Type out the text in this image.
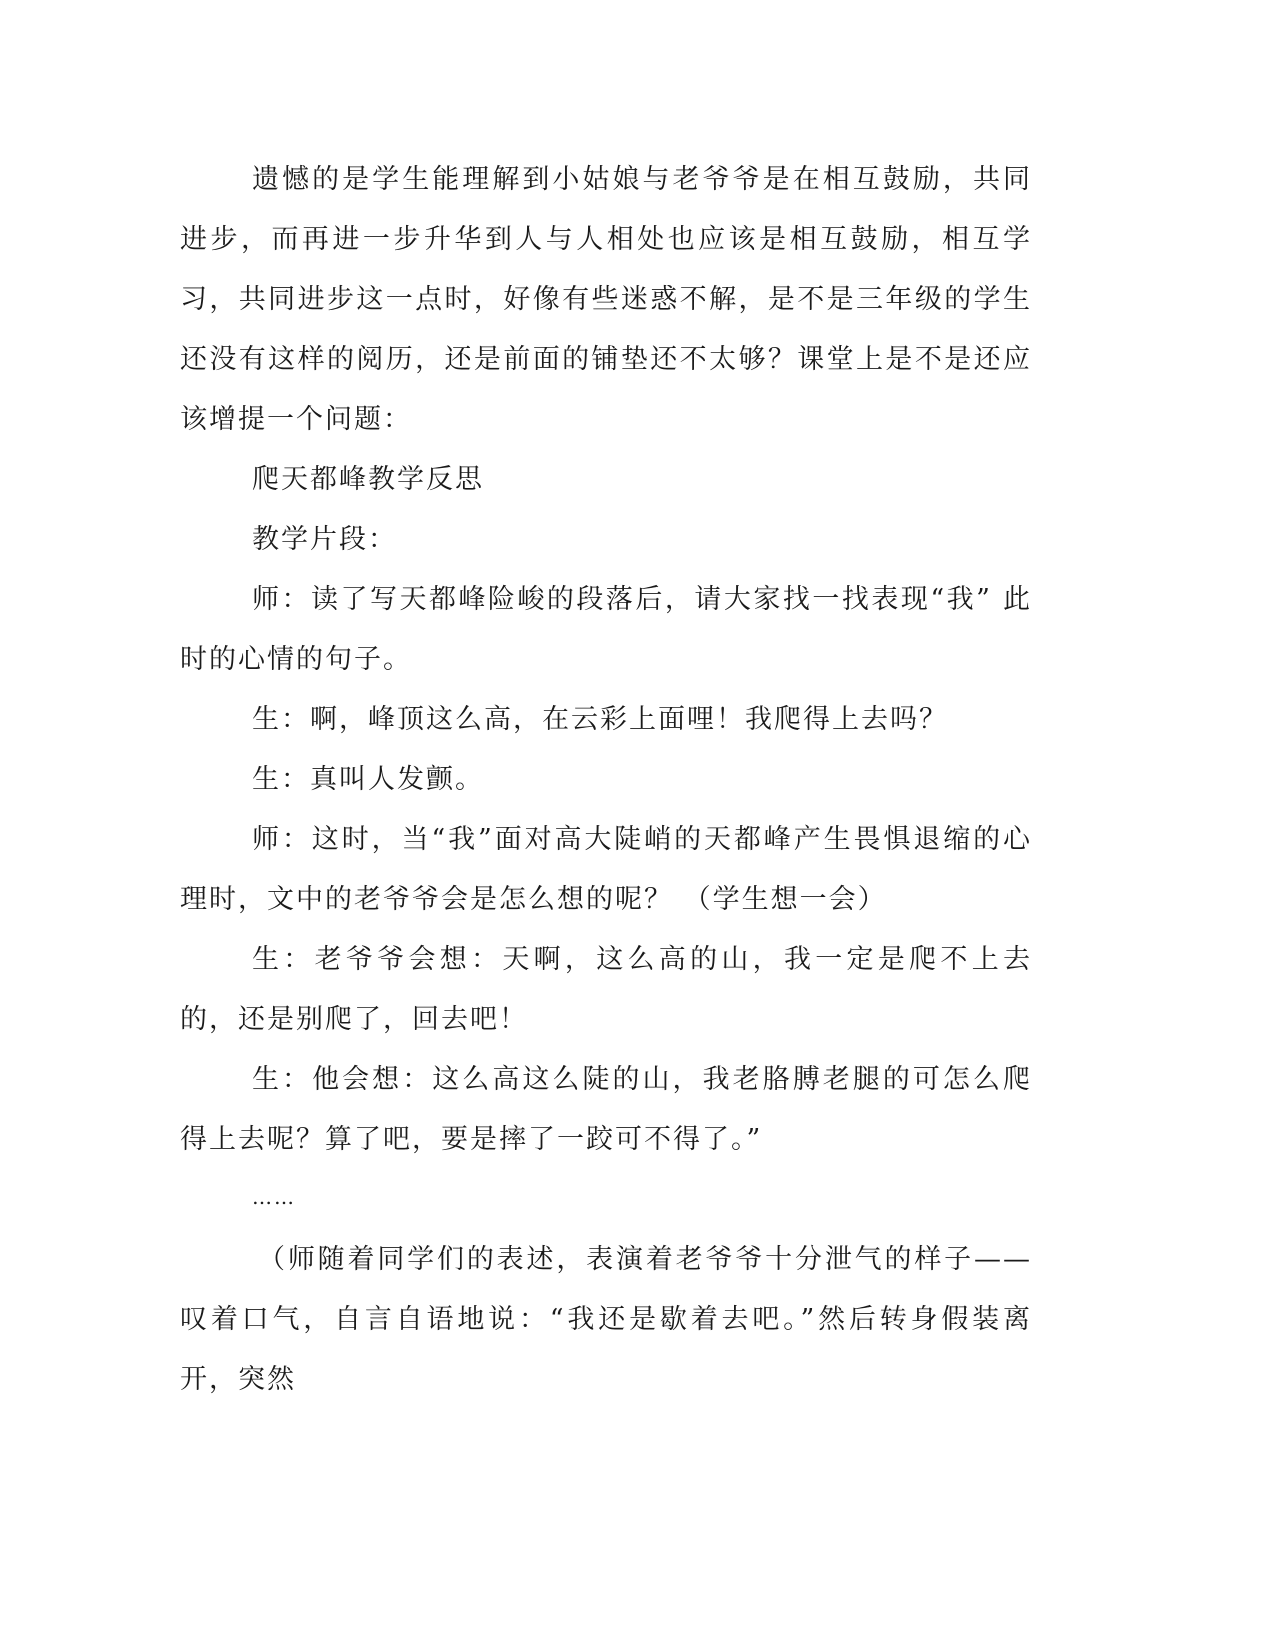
遗憾的是学生能理解到小姑娘与老爷爷是在相互鼓励，共同进步，而再进一步升华到人与人相处也应该是相互鼓励，相互学习，共同进步这一点时，好像有些迷惑不解，是不是三年级的学生还没有这样的阅历，还是前面的铺垫还不太够？课堂上是不是还应该增提一个问题：

爬天都峰教学反思

教学片段：

师：读了写天都峰险峻的段落后，请大家找一找表现“我” 此时的心情的句子。

生：啊，峰顶这么高，在云彩上面哩！我爬得上去吗？

生：真叫人发颤。

师：这时，当“我”面对高大陡峭的天都峰产生畏惧退缩的心理时，文中的老爷爷会是怎么想的呢？ （学生想一会）

生：老爷爷会想：天啊，这么高的山，我一定是爬不上去的，还是别爬了，回去吧！

生：他会想：这么高这么陡的山，我老胳膊老腿的可怎么爬得上去呢？算了吧，要是摔了一跤可不得了。”

……

（师随着同学们的表述，表演着老爷爷十分泄气的样子——叹着口气，自言自语地说：“我还是歇着去吧。”然后转身假装离开，突然
